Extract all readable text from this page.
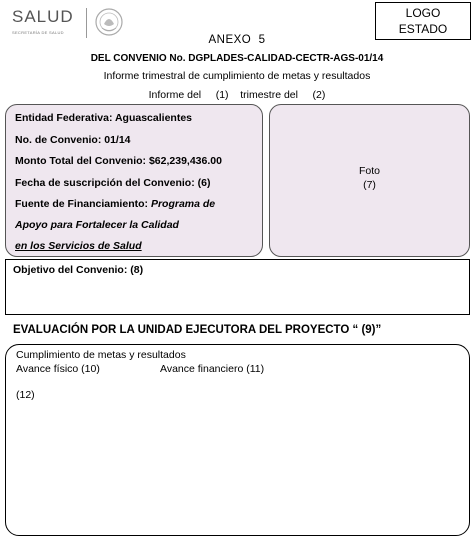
SALUD
SECRETARÍA DE SALUD
LOGO
ESTADO
ANEXO  5
DEL CONVENIO No. DGPLADES-CALIDAD-CECTR-AGS-01/14
Informe trimestral de cumplimiento de metas y resultados
Informe del     (1)    trimestre del     (2)
Entidad Federativa: Aguascalientes
No. de Convenio: 01/14
Monto Total del Convenio: $62,239,436.00
Fecha de suscripción del Convenio: (6)
Fuente de Financiamiento: Programa de
Apoyo para Fortalecer la Calidad
en los Servicios de Salud
Foto
(7)
Objetivo del Convenio: (8)
EVALUACIÓN POR LA UNIDAD EJECUTORA DEL PROYECTO “ (9)”
Cumplimiento de metas y resultados
Avance físico (10)	Avance financiero (11)
(12)
